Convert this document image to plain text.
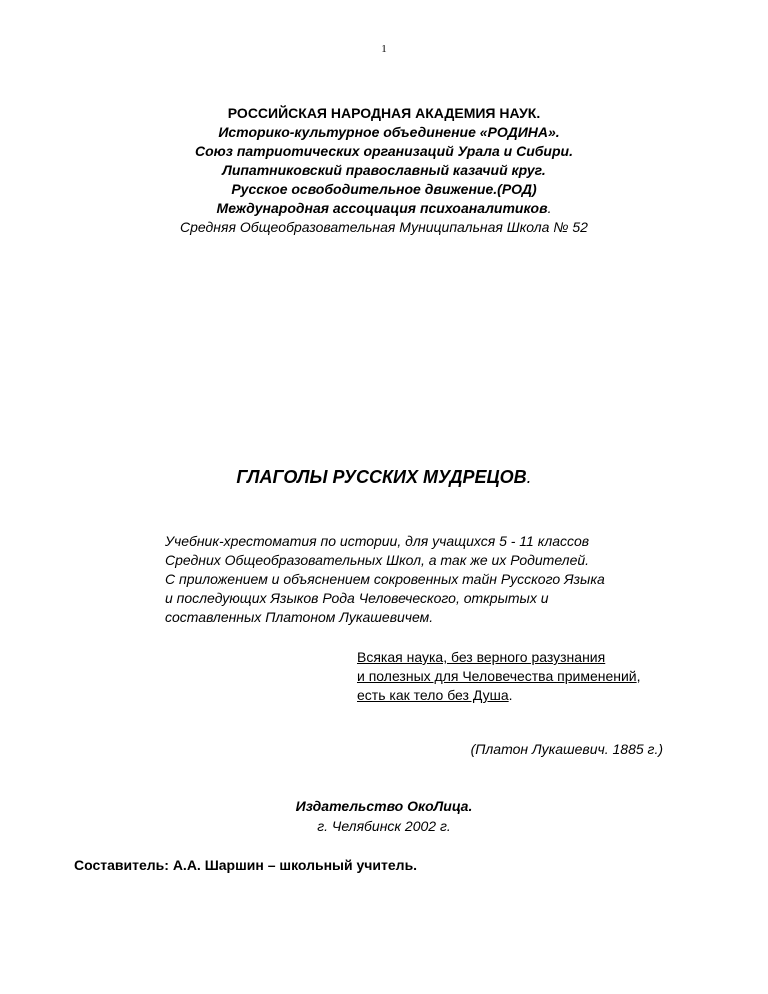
1
РОССИЙСКАЯ НАРОДНАЯ АКАДЕМИЯ НАУК.
Историко-культурное объединение «РОДИНА».
Союз патриотических организаций Урала и Сибири.
Липатниковский православный казачий круг.
Русское освободительное движение.(РОД)
Международная ассоциация психоаналитиков.
Средняя Общеобразовательная Муниципальная Школа № 52
ГЛАГОЛЫ РУССКИХ МУДРЕЦОВ.
Учебник-хрестоматия по истории, для учащихся 5 - 11 классов
Средних Общеобразовательных Школ, а так же их Родителей.
С приложением и объяснением сокровенных тайн Русского Языка
и последующих Языков Рода Человеческого, открытых и
составленных Платоном Лукашевичем.
Всякая наука, без верного разузнания
и полезных для Человечества применений,
есть как тело без Душа.
(Платон Лукашевич. 1885 г.)
Издательство ОкоЛица.
г. Челябинск 2002 г.
Составитель: А.А. Шаршин – школьный учитель.
